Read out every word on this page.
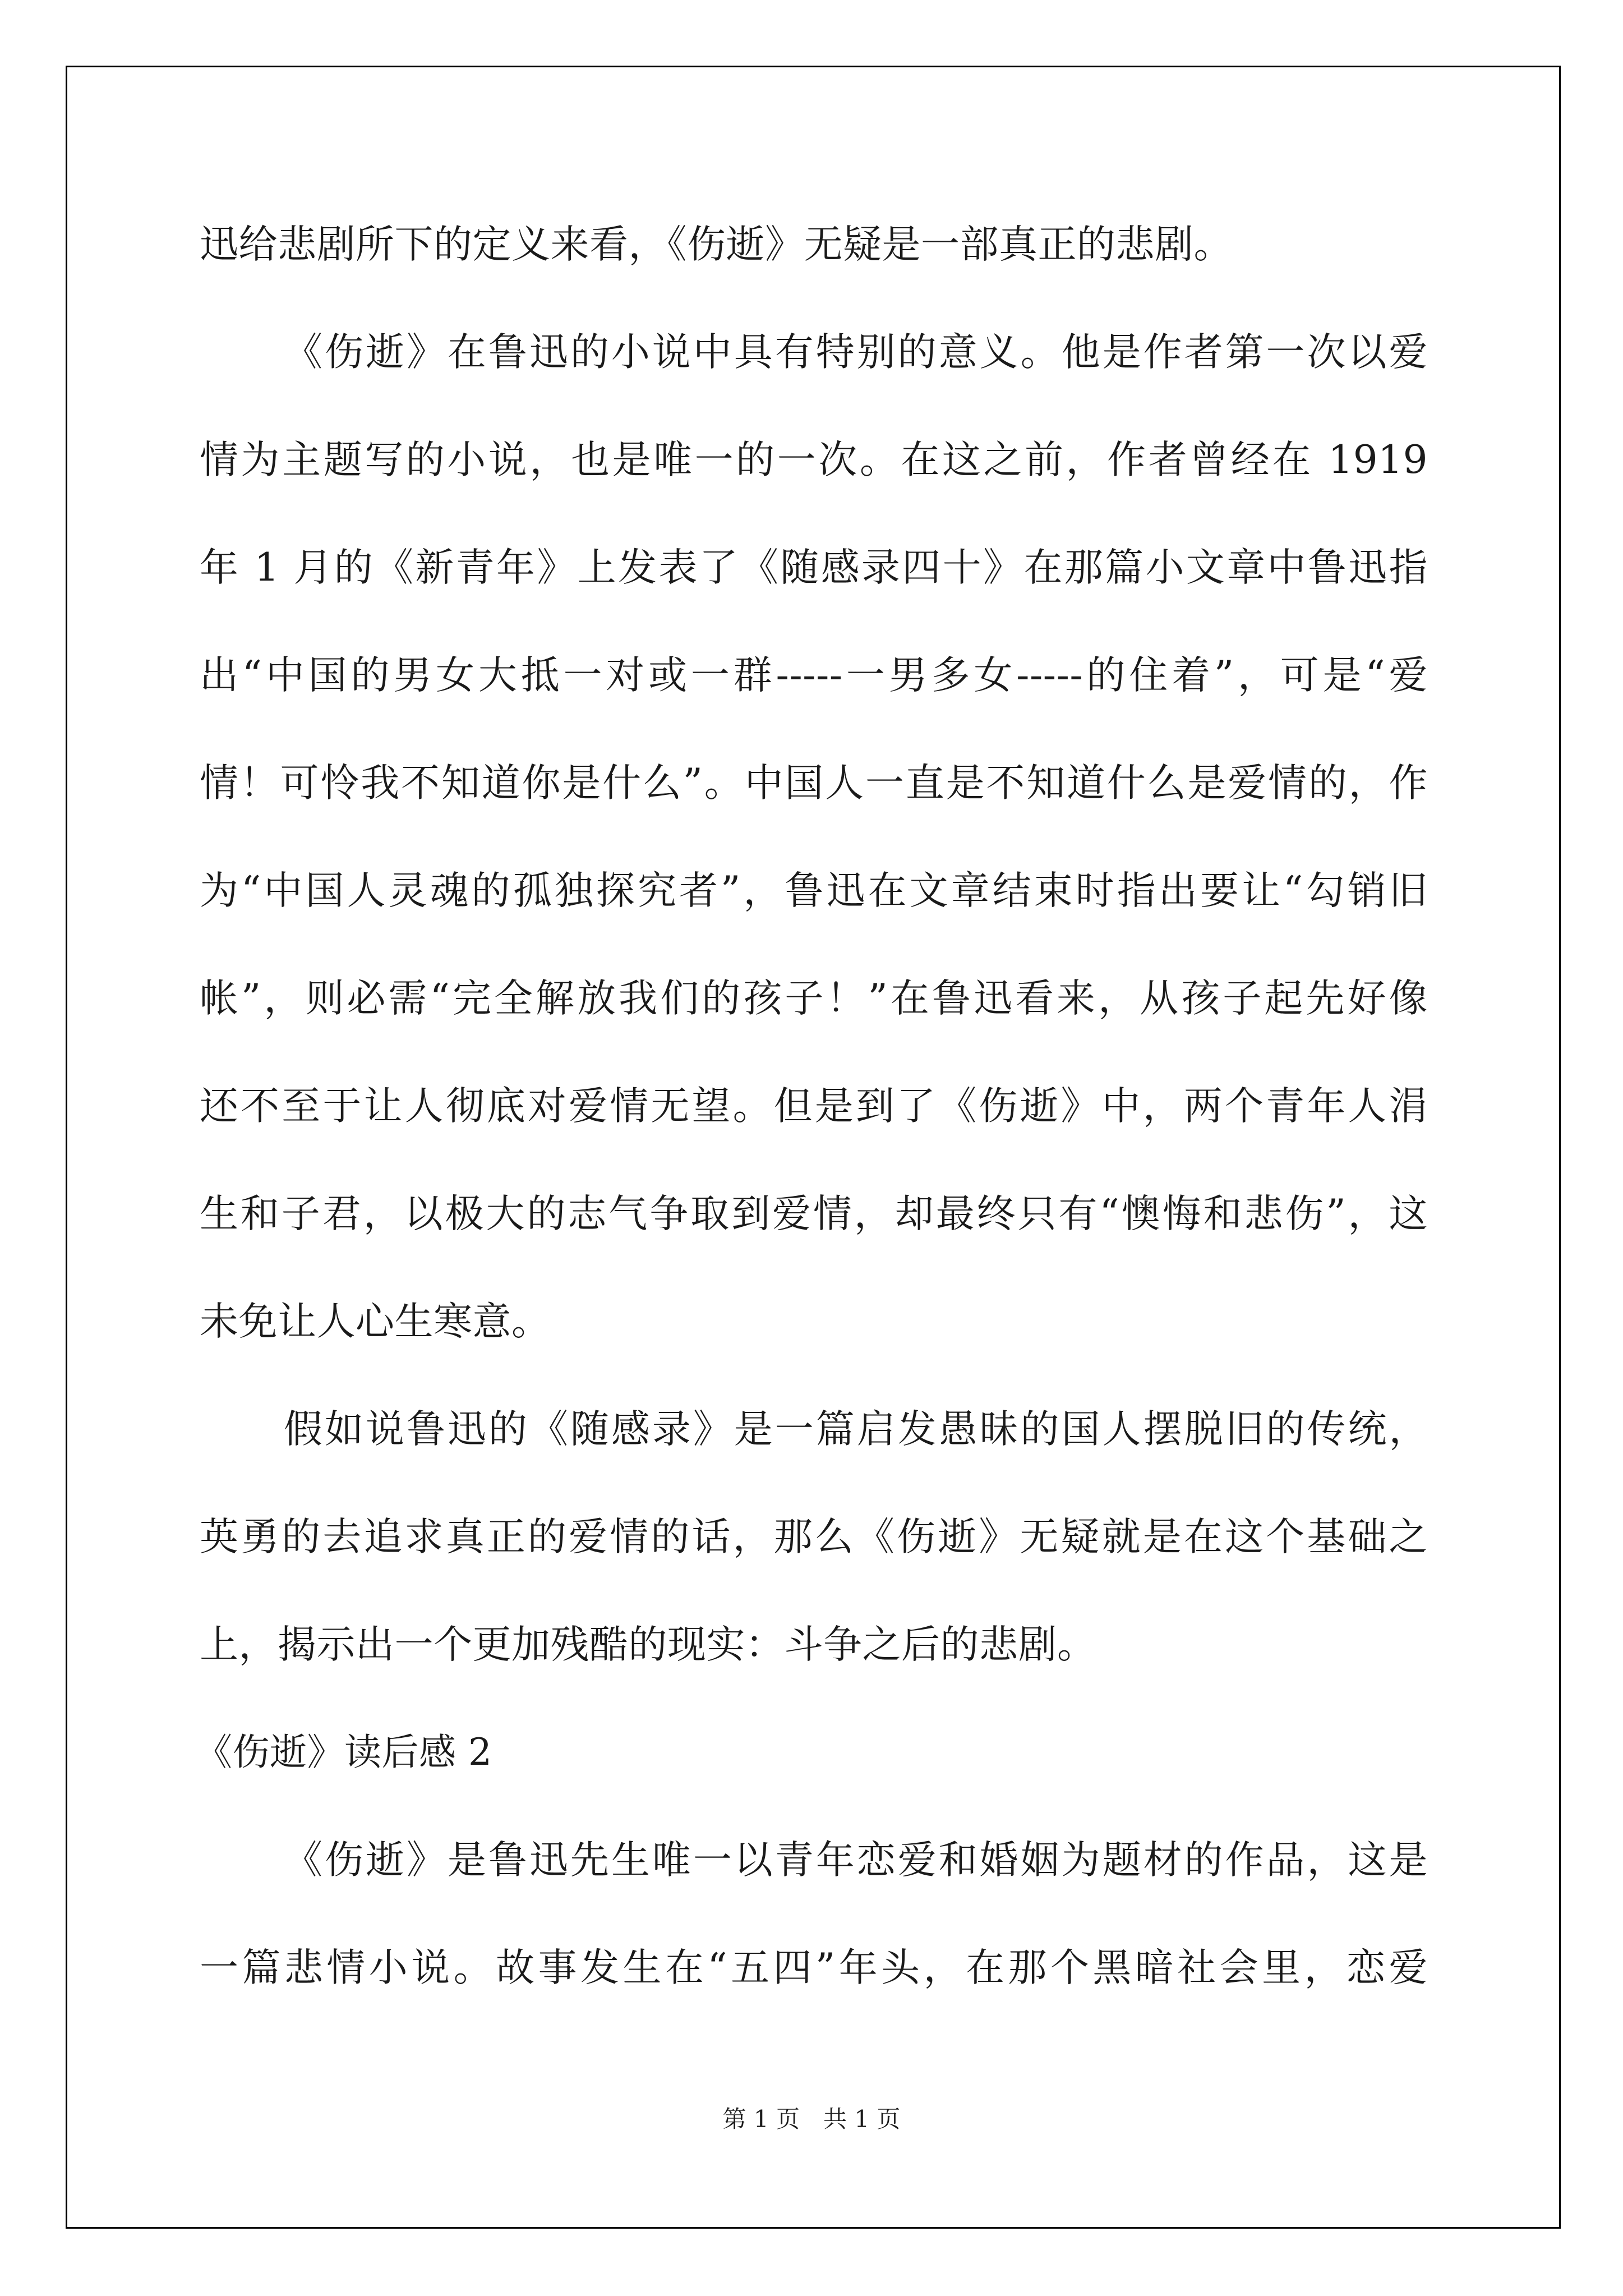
迅给悲剧所下的定义来看，《伤逝》无疑是一部真正的悲剧。
《伤逝》在鲁迅的小说中具有特别的意义。他是作者第一次以爱
情为主题写的小说，也是唯一的一次。在这之前，作者曾经在 1919
年 1 月的《新青年》上发表了《随感录四十》在那篇小文章中鲁迅指
出“中国的男女大抵一对或一群-----一男多女-----的住着”，可是“爱
情！可怜我不知道你是什么”。中国人一直是不知道什么是爱情的，作
为“中国人灵魂的孤独探究者”，鲁迅在文章结束时指出要让“勾销旧
帐”，则必需“完全解放我们的孩子！”在鲁迅看来，从孩子起先好像
还不至于让人彻底对爱情无望。但是到了《伤逝》中，两个青年人涓
生和子君，以极大的志气争取到爱情，却最终只有“懊悔和悲伤”，这
未免让人心生寒意。
假如说鲁迅的《随感录》是一篇启发愚昧的国人摆脱旧的传统，
英勇的去追求真正的爱情的话，那么《伤逝》无疑就是在这个基础之
上，揭示出一个更加残酷的现实：斗争之后的悲剧。
《伤逝》读后感 2
《伤逝》是鲁迅先生唯一以青年恋爱和婚姻为题材的作品，这是
一篇悲情小说。故事发生在“五四”年头，在那个黑暗社会里，恋爱
第 1 页　共 1 页
